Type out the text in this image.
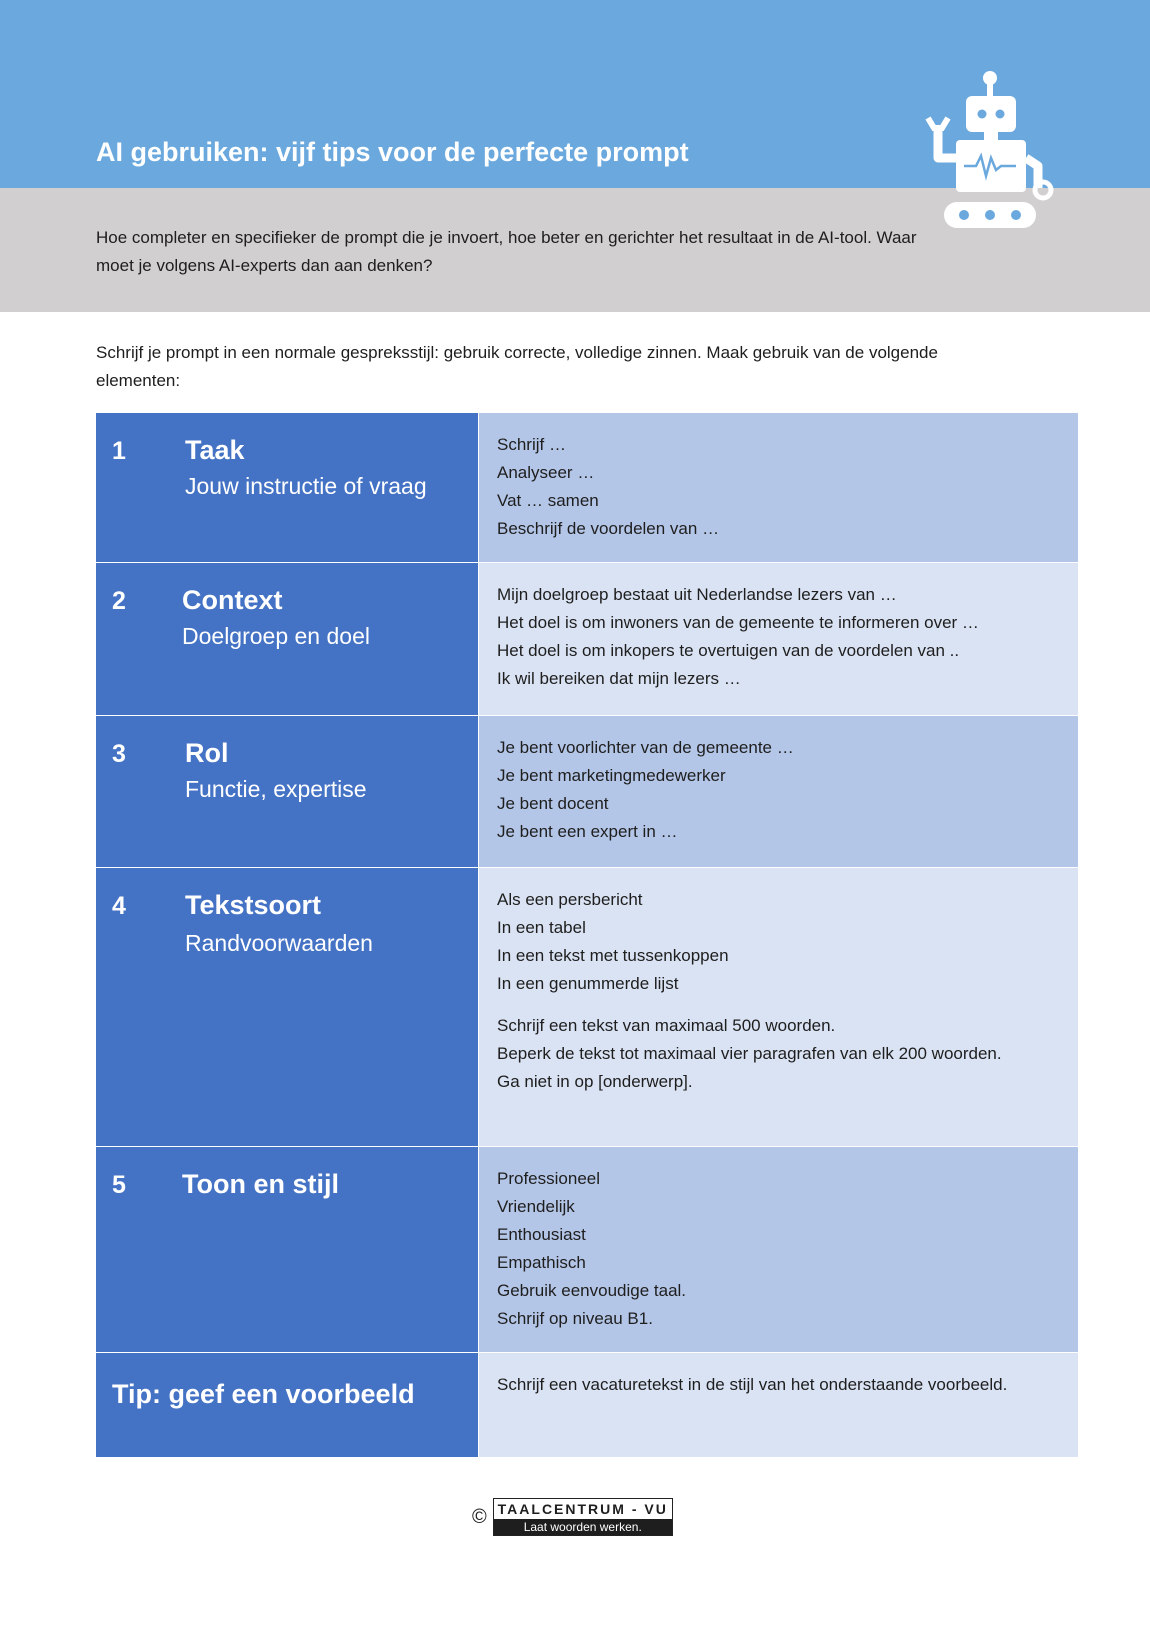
AI gebruiken: vijf tips voor de perfecte prompt

Hoe completer en specifieker de prompt die je invoert, hoe beter en gerichter het resultaat in de AI-tool. Waar moet je volgens AI-experts dan aan denken?

Schrijf je prompt in een normale gespreksstijl: gebruik correcte, volledige zinnen. Maak gebruik van de volgende elementen:

1 Taak
Jouw instructie of vraag
Schrijf …
Analyseer …
Vat … samen
Beschrijf de voordelen van …
2 Context
Doelgroep en doel
Mijn doelgroep bestaat uit Nederlandse lezers van …
Het doel is om inwoners van de gemeente te informeren over …
Het doel is om inkopers te overtuigen van de voordelen van ..
Ik wil bereiken dat mijn lezers …
3 Rol
Functie, expertise
Je bent voorlichter van de gemeente …
Je bent marketingmedewerker
Je bent docent
Je bent een expert in …
4 Tekstsoort
Randvoorwaarden
Als een persbericht
In een tabel
In een tekst met tussenkoppen
In een genummerde lijst
Schrijf een tekst van maximaal 500 woorden.
Beperk de tekst tot maximaal vier paragrafen van elk 200 woorden.
Ga niet in op [onderwerp].
5 Toon en stijl	Professioneel
Vriendelijk
Enthousiast
Empathisch
Gebruik eenvoudige taal.
Schrijf op niveau B1.
Tip: geef een voorbeeld	Schrijf een vacaturetekst in de stijl van het onderstaande voorbeeld.
© TAALCENTRUM - VU
Laat woorden werken.
